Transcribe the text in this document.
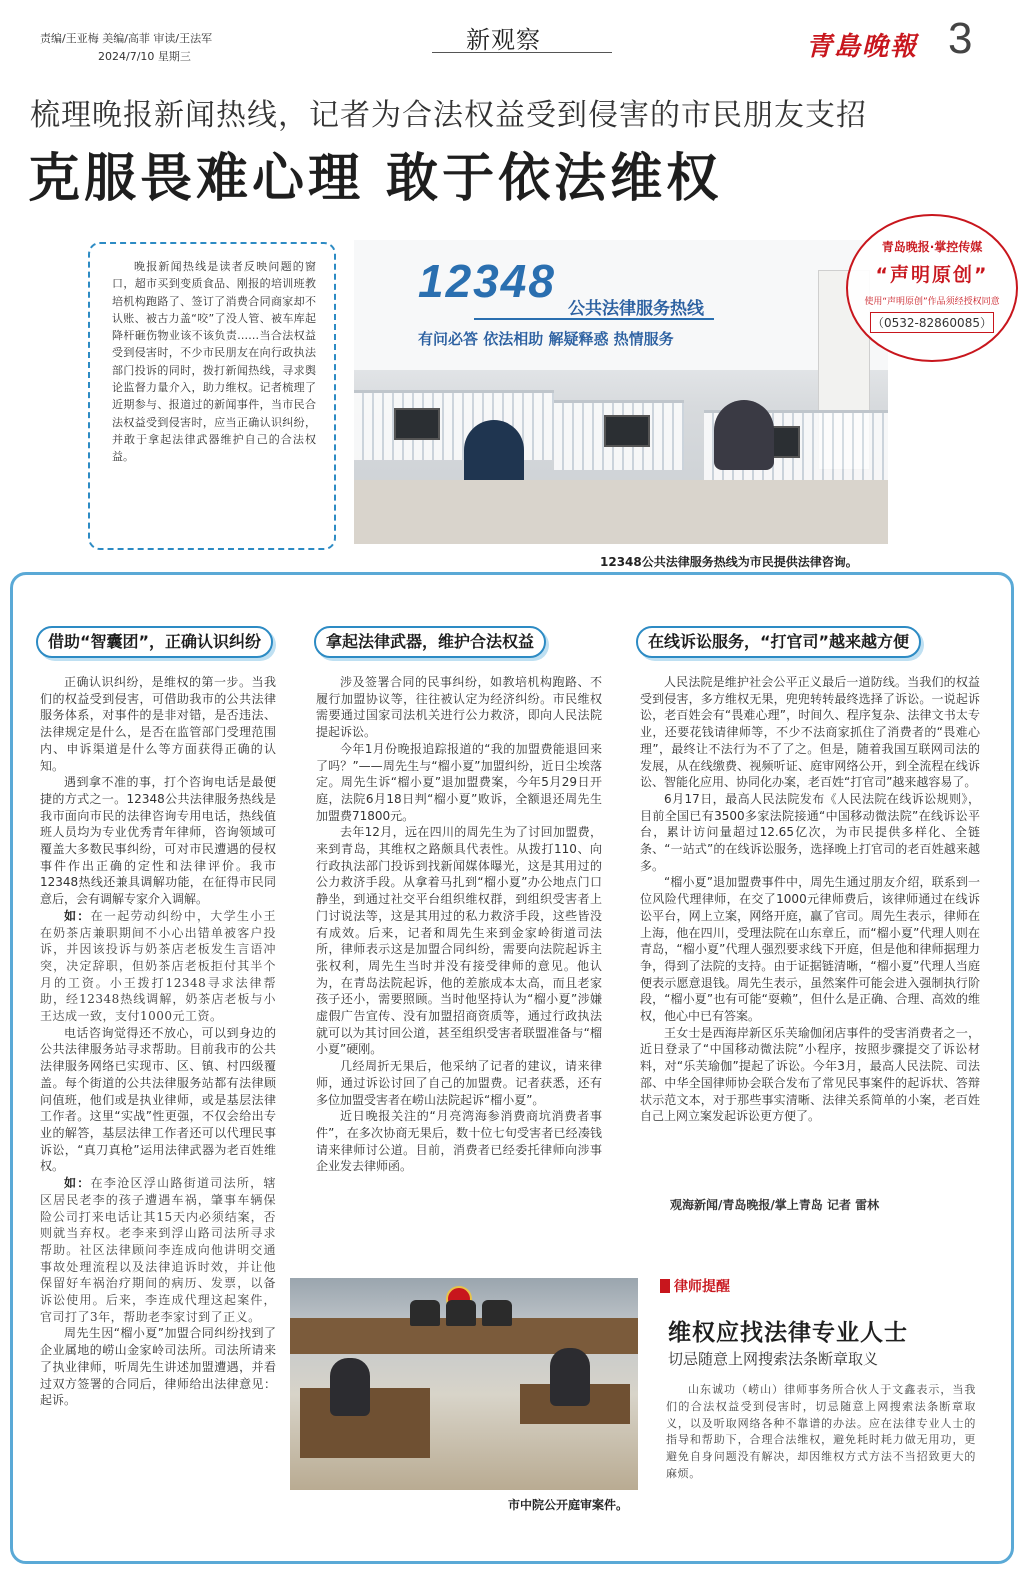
责编/王亚梅 美编/高菲 审读/王法军
2024/7/10 星期三
新观察	青島晚報 3
梳理晚报新闻热线，记者为合法权益受到侵害的市民朋友支招
克服畏难心理 敢于依法维权

晚报新闻热线是读者反映问题的窗口，超市买到变质食品、刚报的培训班教培机构跑路了、签订了消费合同商家却不认账、被古力盖“咬”了没人管、被车库起降杆砸伤物业该不该负责……当合法权益受到侵害时，不少市民朋友在向行政执法部门投诉的同时，拨打新闻热线，寻求舆论监督力量介入，助力维权。记者梳理了近期参与、报道过的新闻事件，当市民合法权益受到侵害时，应当正确认识纠纷，并敢于拿起法律武器维护自己的合法权益。

12348
公共法律服务热线
有问必答 依法相助 解疑释惑 热情服务
青岛晚报·掌控传媒
“声明原创”
使用“声明原创”作品须经授权同意
（0532-82860085）
12348公共法律服务热线为市民提供法律咨询。
借助“智囊团”，正确认识纠纷	拿起法律武器，维护合法权益	在线诉讼服务，“打官司”越来越方便

正确认识纠纷，是维权的第一步。当我们的权益受到侵害，可借助我市的公共法律服务体系，对事件的是非对错，是否违法、法律规定是什么，是否在监管部门受理范围内、申诉渠道是什么等方面获得正确的认知。

遇到拿不准的事，打个咨询电话是最便捷的方式之一。12348公共法律服务热线是我市面向市民的法律咨询专用电话，热线值班人员均为专业优秀青年律师，咨询领域可覆盖大多数民事纠纷，可对市民遭遇的侵权事件作出正确的定性和法律评价。我市12348热线还兼具调解功能，在征得市民同意后，会有调解专家介入调解。

如：在一起劳动纠纷中，大学生小王在奶茶店兼职期间不小心出错单被客户投诉，并因该投诉与奶茶店老板发生言语冲突，决定辞职，但奶茶店老板拒付其半个月的工资。小王拨打12348寻求法律帮助，经12348热线调解，奶茶店老板与小王达成一致，支付1000元工资。

电话咨询觉得还不放心，可以到身边的公共法律服务站寻求帮助。目前我市的公共法律服务网络已实现市、区、镇、村四级覆盖。每个街道的公共法律服务站都有法律顾问值班，他们或是执业律师，或是基层法律工作者。这里“实战”性更强，不仅会给出专业的解答，基层法律工作者还可以代理民事诉讼，“真刀真枪”运用法律武器为老百姓维权。

如：在李沧区浮山路街道司法所，辖区居民老李的孩子遭遇车祸，肇事车辆保险公司打来电话让其15天内必须结案，否则就当弃权。老李来到浮山路司法所寻求帮助。社区法律顾问李连成向他讲明交通事故处理流程以及法律追诉时效，并让他保留好车祸治疗期间的病历、发票，以备诉讼使用。后来，李连成代理这起案件，官司打了3年，帮助老李家讨到了正义。

周先生因“榴小夏”加盟合同纠纷找到了企业属地的崂山金家岭司法所。司法所请来了执业律师，听周先生讲述加盟遭遇，并看过双方签署的合同后，律师给出法律意见：起诉。

涉及签署合同的民事纠纷，如教培机构跑路、不履行加盟协议等，往往被认定为经济纠纷。市民维权需要通过国家司法机关进行公力救济，即向人民法院提起诉讼。

今年1月份晚报追踪报道的“我的加盟费能退回来了吗？”——周先生与“榴小夏”加盟纠纷，近日尘埃落定。周先生诉“榴小夏”退加盟费案，今年5月29日开庭，法院6月18日判“榴小夏”败诉，全额退还周先生加盟费71800元。

去年12月，远在四川的周先生为了讨回加盟费，来到青岛，其维权之路颇具代表性。从拨打110、向行政执法部门投诉到找新闻媒体曝光，这是其用过的公力救济手段。从拿着马扎到“榴小夏”办公地点门口静坐，到通过社交平台组织维权群，到组织受害者上门讨说法等，这是其用过的私力救济手段，这些皆没有成效。后来，记者和周先生来到金家岭街道司法所，律师表示这是加盟合同纠纷，需要向法院起诉主张权利，周先生当时并没有接受律师的意见。他认为，在青岛法院起诉，他的差旅成本太高，而且老家孩子还小，需要照顾。当时他坚持认为“榴小夏”涉嫌虚假广告宣传、没有加盟招商资质等，通过行政执法就可以为其讨回公道，甚至组织受害者联盟准备与“榴小夏”硬刚。

几经周折无果后，他采纳了记者的建议，请来律师，通过诉讼讨回了自己的加盟费。记者获悉，还有多位加盟受害者在崂山法院起诉“榴小夏”。

近日晚报关注的“月亮湾海参消费商坑消费者事件”，在多次协商无果后，数十位七旬受害者已经凑钱请来律师讨公道。目前，消费者已经委托律师向涉事企业发去律师函。

人民法院是维护社会公平正义最后一道防线。当我们的权益受到侵害，多方维权无果，兜兜转转最终选择了诉讼。一说起诉讼，老百姓会有“畏难心理”，时间久、程序复杂、法律文书太专业，还要花钱请律师等，不少不法商家抓住了消费者的“畏难心理”，最终让不法行为不了了之。但是，随着我国互联网司法的发展，从在线缴费、视频听证、庭审网络公开，到全流程在线诉讼、智能化应用、协同化办案，老百姓“打官司”越来越容易了。

6月17日，最高人民法院发布《人民法院在线诉讼规则》，目前全国已有3500多家法院接通“中国移动微法院”在线诉讼平台，累计访问量超过12.65亿次，为市民提供多样化、全链条、“一站式”的在线诉讼服务，选择晚上打官司的老百姓越来越多。

“榴小夏”退加盟费事件中，周先生通过朋友介绍，联系到一位风险代理律师，在交了1000元律师费后，该律师通过在线诉讼平台，网上立案，网络开庭，赢了官司。周先生表示，律师在上海，他在四川，受理法院在山东章丘，而“榴小夏”代理人则在青岛，“榴小夏”代理人强烈要求线下开庭，但是他和律师据理力争，得到了法院的支持。由于证据链清晰，“榴小夏”代理人当庭便表示愿意退钱。周先生表示，虽然案件可能会进入强制执行阶段，“榴小夏”也有可能“耍赖”，但什么是正确、合理、高效的维权，他心中已有答案。

王女士是西海岸新区乐芙瑜伽闭店事件的受害消费者之一，近日登录了“中国移动微法院”小程序，按照步骤提交了诉讼材料，对“乐芙瑜伽”提起了诉讼。今年3月，最高人民法院、司法部、中华全国律师协会联合发布了常见民事案件的起诉状、答辩状示范文本，对于那些事实清晰、法律关系简单的小案，老百姓自己上网立案发起诉讼更方便了。

观海新闻/青岛晚报/掌上青岛 记者 雷林
市中院公开庭审案件。
律师提醒
维权应找法律专业人士
切忌随意上网搜索法条断章取义

山东诚功（崂山）律师事务所合伙人于文鑫表示，当我们的合法权益受到侵害时，切忌随意上网搜索法条断章取义，以及听取网络各种不靠谱的办法。应在法律专业人士的指导和帮助下，合理合法维权，避免耗时耗力做无用功，更避免自身问题没有解决，却因维权方式方法不当招致更大的麻烦。
